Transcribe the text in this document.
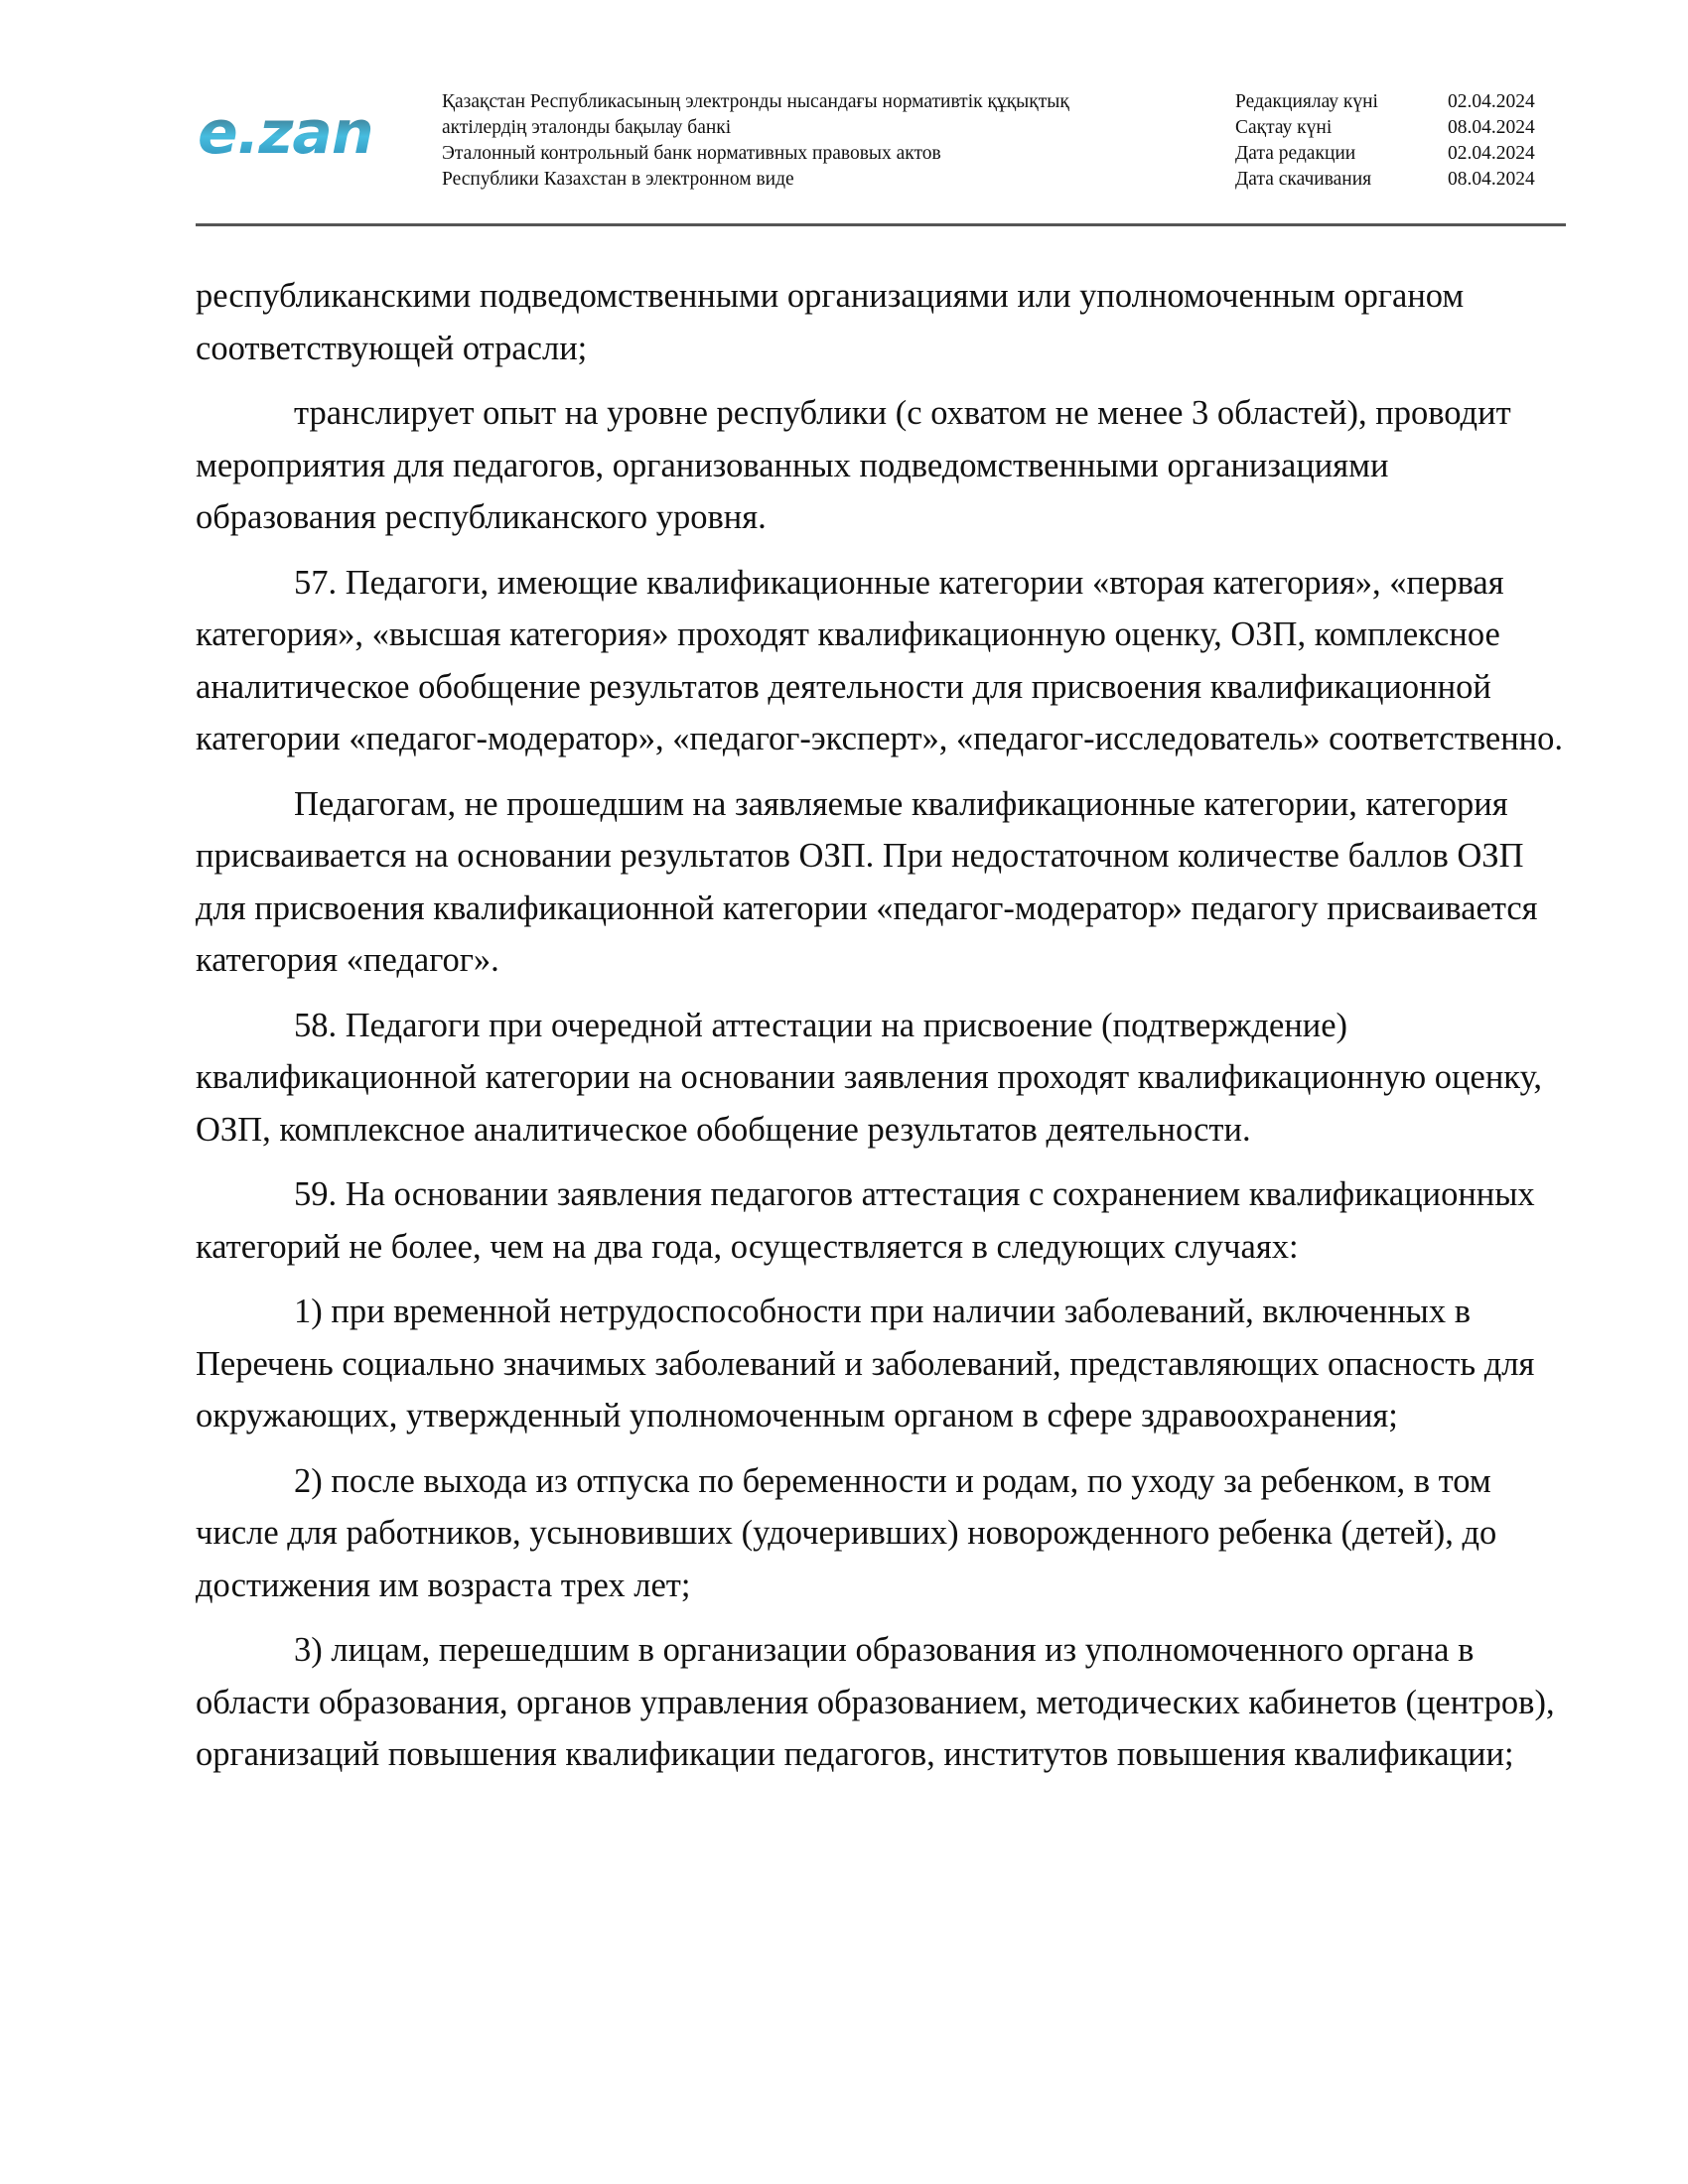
e.zan	Қазақстан Республикасының электронды нысандағы нормативтік құқықтық
актілердің эталонды бақылау банкі
Эталонный контрольный банк нормативных правовых актов
Республики Казахстан в электронном виде
Редакциялау күні	02.04.2024
Сақтау күні	08.04.2024
Дата редакции	02.04.2024
Дата скачивания	08.04.2024

республиканскими подведомственными организациями или уполномоченным органом соответствующей отрасли;

транслирует опыт на уровне республики (с охватом не менее 3 областей), проводит мероприятия для педагогов, организованных подведомственными организациями образования республиканского уровня.

57. Педагоги, имеющие квалификационные категории «вторая категория», «первая категория», «высшая категория» проходят квалификационную оценку, ОЗП, комплексное аналитическое обобщение результатов деятельности для присвоения квалификационной категории «педагог-модератор», «педагог-эксперт», «педагог-исследователь» соответственно.

Педагогам, не прошедшим на заявляемые квалификационные категории, категория присваивается на основании результатов ОЗП. При недостаточном количестве баллов ОЗП для присвоения квалификационной категории «педагог-модератор» педагогу присваивается категория «педагог».

58. Педагоги при очередной аттестации на присвоение (подтверждение) квалификационной категории на основании заявления проходят квалификационную оценку, ОЗП, комплексное аналитическое обобщение результатов деятельности.

59. На основании заявления педагогов аттестация с сохранением квалификационных категорий не более, чем на два года, осуществляется в следующих случаях:

1) при временной нетрудоспособности при наличии заболеваний, включенных в Перечень социально значимых заболеваний и заболеваний, представляющих опасность для окружающих, утвержденный уполномоченным органом в сфере здравоохранения;

2) после выхода из отпуска по беременности и родам, по уходу за ребенком, в том числе для работников, усыновивших (удочеривших) новорожденного ребенка (детей), до достижения им возраста трех лет;

3) лицам, перешедшим в организации образования из уполномоченного органа в области образования, органов управления образованием, методических кабинетов (центров), организаций повышения квалификации педагогов, институтов повышения квалификации;
